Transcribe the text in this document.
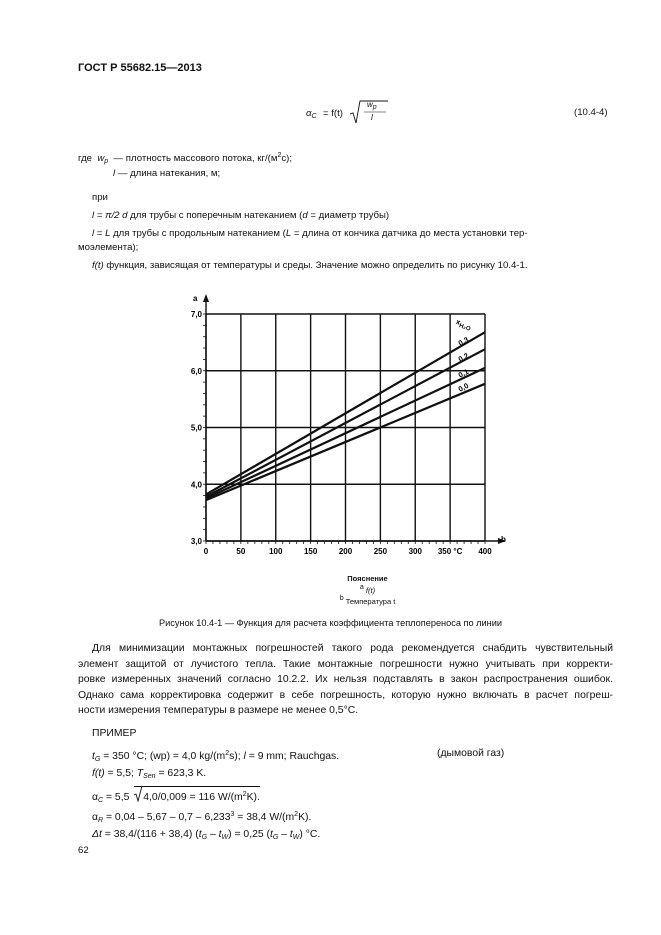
ГОСТ Р 55682.15—2013
$\alpha_C = f(t)$
wp
l	(10.4-4)
где $w_p$ — плотность массового потока, $кг/(м^2с)$;
l — длина натекания, м;
при
l = π/2 d для трубы с поперечным натеканием (d = диаметр трубы)
l = L для трубы с продольным натеканием (L = длина от кончика датчика до места установки тер-
моэлемента);
f(t) функция, зависящая от температуры и среды. Значение можно определить по рисунку 10.4-1.
3,0
4,0
5,0
6,0
7,0
0	50	100	150	200	250	300 350 °C 400
a
b
$x_{H_2O}$
0,0
0,1
0,2
0,3
Пояснение
a f(t)
b Температура t
Рисунок 10.4-1 — Функция для расчета коэффициента теплопереноса по линии
Для минимизации монтажных погрешностей такого рода рекомендуется снабдить чувствительный
элемент защитой от лучистого тепла. Такие монтажные погрешности нужно учитывать при корректи-
ровке измеренных значений согласно 10.2.2. Их нельзя подставлять в закон распространения ошибок.
Однако сама корректировка содержит в себе погрешность, которую нужно включать в расчет погреш-
ности измерения температуры в размере не менее 0,5°С.
ПРИМЕР
$t_G = 350$ °C; (wp) = 4,0 $kg/(m^2s)$; l = 9 mm; Rauchgas.	(дымовой газ)
f(t) = 5,5; $T_{Sen} = 623,3$ K.
$\alpha_C = 5,5$
4,0/0,009 = 116 $W/(m^2K)$.
$\alpha_R = 0,04 - 5,67 - 0,7 - 6,233^3 = 38,4$ $W/(m^2K)$.
Δt = 38,4/(116 + 38,4) $(t_G - t_W) = 0,25$ $(t_G - t_W)$ °C.
62
